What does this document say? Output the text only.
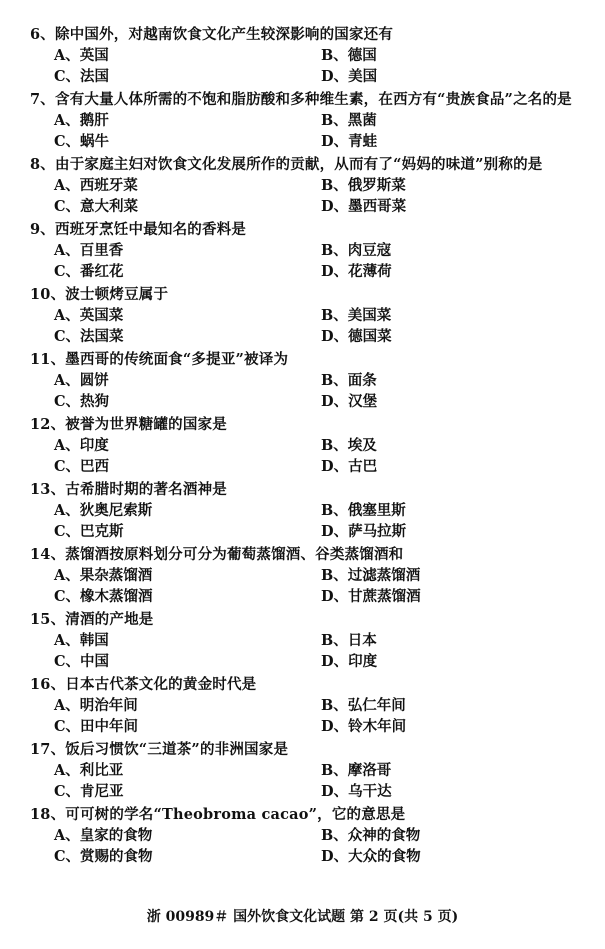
6、除中国外，对越南饮食文化产生较深影响的国家还有
A、英国	B、德国
C、法国	D、美国
7、含有大量人体所需的不饱和脂肪酸和多种维生素，在西方有“贵族食品”之名的是
A、鹅肝	B、黑菌
C、蜗牛	D、青蛙
8、由于家庭主妇对饮食文化发展所作的贡献，从而有了“妈妈的味道”别称的是
A、西班牙菜	B、俄罗斯菜
C、意大利菜	D、墨西哥菜
9、西班牙烹饪中最知名的香料是
A、百里香	B、肉豆寇
C、番红花	D、花薄荷
10、波士顿烤豆属于
A、英国菜	B、美国菜
C、法国菜	D、德国菜
11、墨西哥的传统面食“多提亚”被译为
A、圆饼	B、面条
C、热狗	D、汉堡
12、被誉为世界糖罐的国家是
A、印度	B、埃及
C、巴西	D、古巴
13、古希腊时期的著名酒神是
A、狄奥尼索斯	B、俄塞里斯
C、巴克斯	D、萨马拉斯
14、蒸馏酒按原料划分可分为葡萄蒸馏酒、谷类蒸馏酒和
A、果杂蒸馏酒	B、过滤蒸馏酒
C、橡木蒸馏酒	D、甘蔗蒸馏酒
15、清酒的产地是
A、韩国	B、日本
C、中国	D、印度
16、日本古代茶文化的黄金时代是
A、明治年间	B、弘仁年间
C、田中年间	D、铃木年间
17、饭后习惯饮“三道茶”的非洲国家是
A、利比亚	B、摩洛哥
C、肯尼亚	D、乌干达
18、可可树的学名“Theobroma cacao”，它的意思是
A、皇家的食物	B、众神的食物
C、赏赐的食物	D、大众的食物
浙 00989＃ 国外饮食文化试题 第 2 页(共 5 页)
